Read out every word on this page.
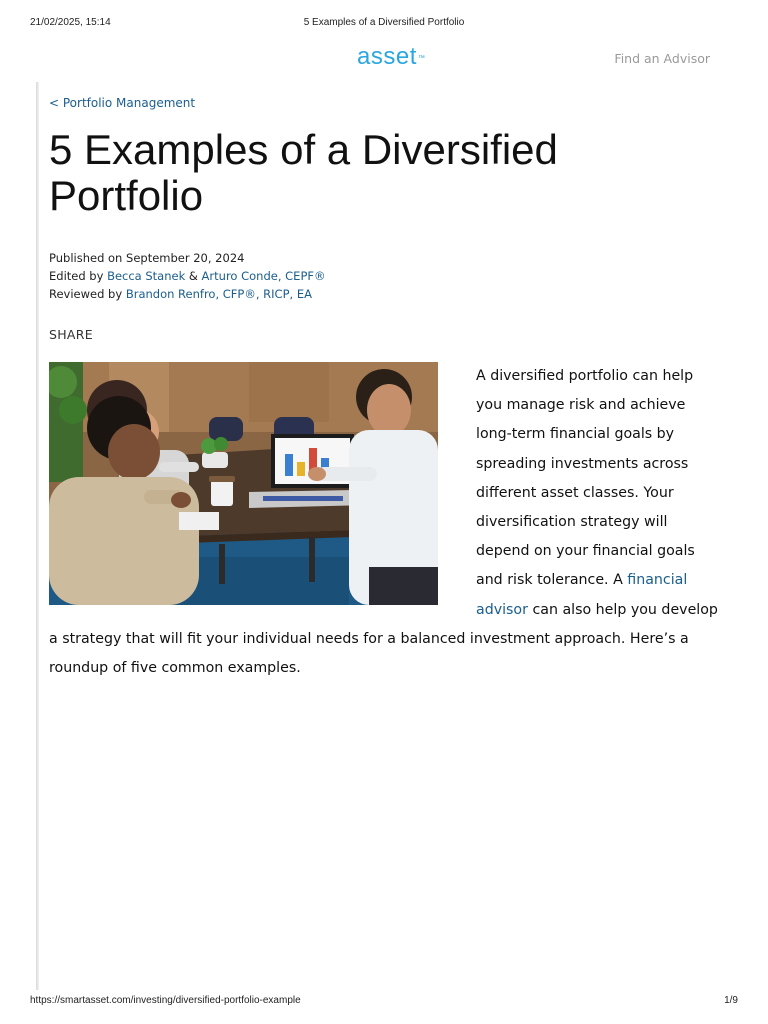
21/02/2025, 15:14	5 Examples of a Diversified Portfolio
asset™	Find an Advisor
< Portfolio Management
5 Examples of a Diversified Portfolio
Published on September 20, 2024
Edited by Becca Stanek & Arturo Conde, CEPF®
Reviewed by Brandon Renfro, CFP®, RICP, EA
SHARE

A diversified portfolio can help you manage risk and achieve long-term financial goals by spreading investments across different asset classes. Your diversification strategy will depend on your financial goals and risk tolerance. A financial advisor can also help you develop a strategy that will fit your individual needs for a balanced investment approach. Here’s a roundup of five common examples.

https://smartasset.com/investing/diversified-portfolio-example	1/9
